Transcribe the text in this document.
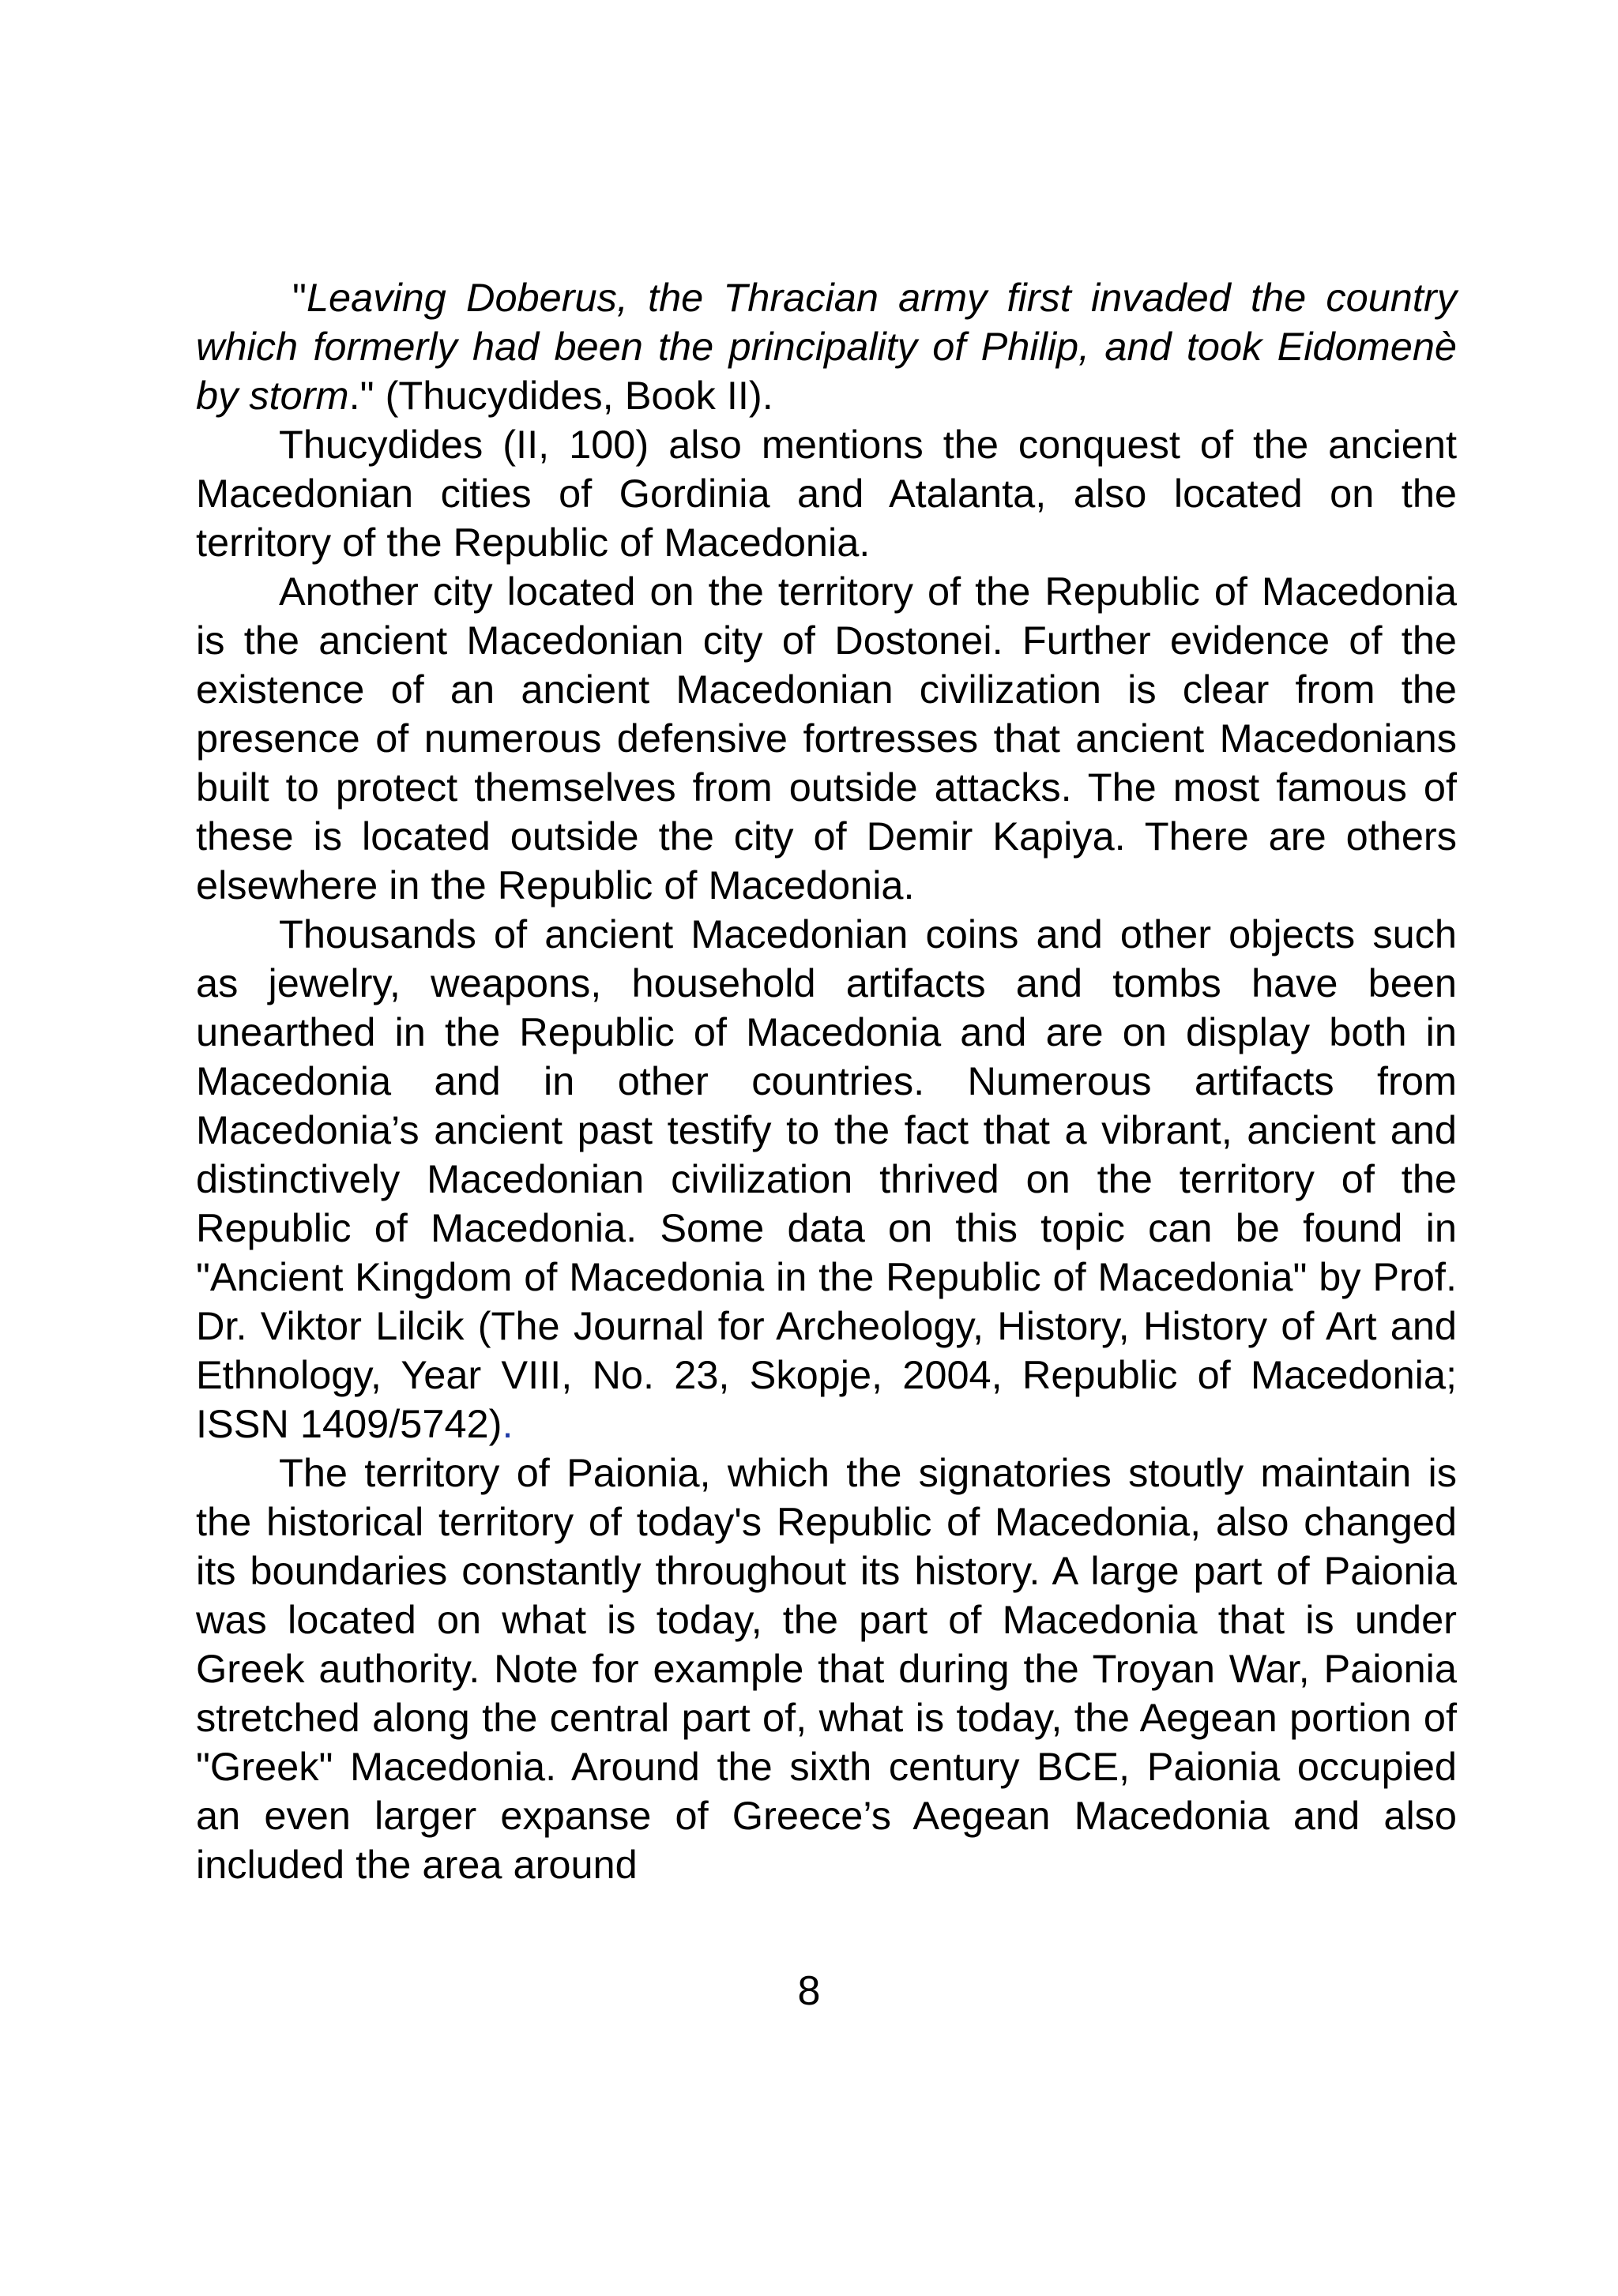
"Leaving Doberus, the Thracian army first invaded the country which formerly had been the principality of Philip, and took Eidomenè by storm." (Thucydides, Book II).

Thucydides (II, 100) also mentions the conquest of the ancient Macedonian cities of Gordinia and Atalanta, also located on the territory of the Republic of Macedonia.

Another city located on the territory of the Republic of Macedonia is the ancient Macedonian city of Dostonei. Further evidence of the existence of an ancient Macedonian civilization is clear from the presence of numerous defensive fortresses that ancient Macedonians built to protect themselves from outside attacks. The most famous of these is located outside the city of Demir Kapiya. There are others elsewhere in the Republic of Macedonia.

Thousands of ancient Macedonian coins and other objects such as jewelry, weapons, household artifacts and tombs have been unearthed in the Republic of Macedonia and are on display both in Macedonia and in other countries. Numerous artifacts from Macedonia’s ancient past testify to the fact that a vibrant, ancient and distinctively Macedonian civilization thrived on the territory of the Republic of Macedonia. Some data on this topic can be found in "Ancient Kingdom of Macedonia in the Republic of Macedonia" by Prof. Dr. Viktor Lilcik (The Journal for Archeology, History, History of Art and Ethnology, Year VIII, No. 23, Skopje, 2004, Republic of Macedonia; ISSN 1409/5742).

The territory of Paionia, which the signatories stoutly maintain is the historical territory of today's Republic of Macedonia, also changed its boundaries constantly throughout its history. A large part of Paionia was located on what is today, the part of Macedonia that is under Greek authority. Note for example that during the Troyan War, Paionia stretched along the central part of, what is today, the Aegean portion of "Greek" Macedonia. Around the sixth century BCE, Paionia occupied an even larger expanse of Greece’s Aegean Macedonia and also included the area around

8
